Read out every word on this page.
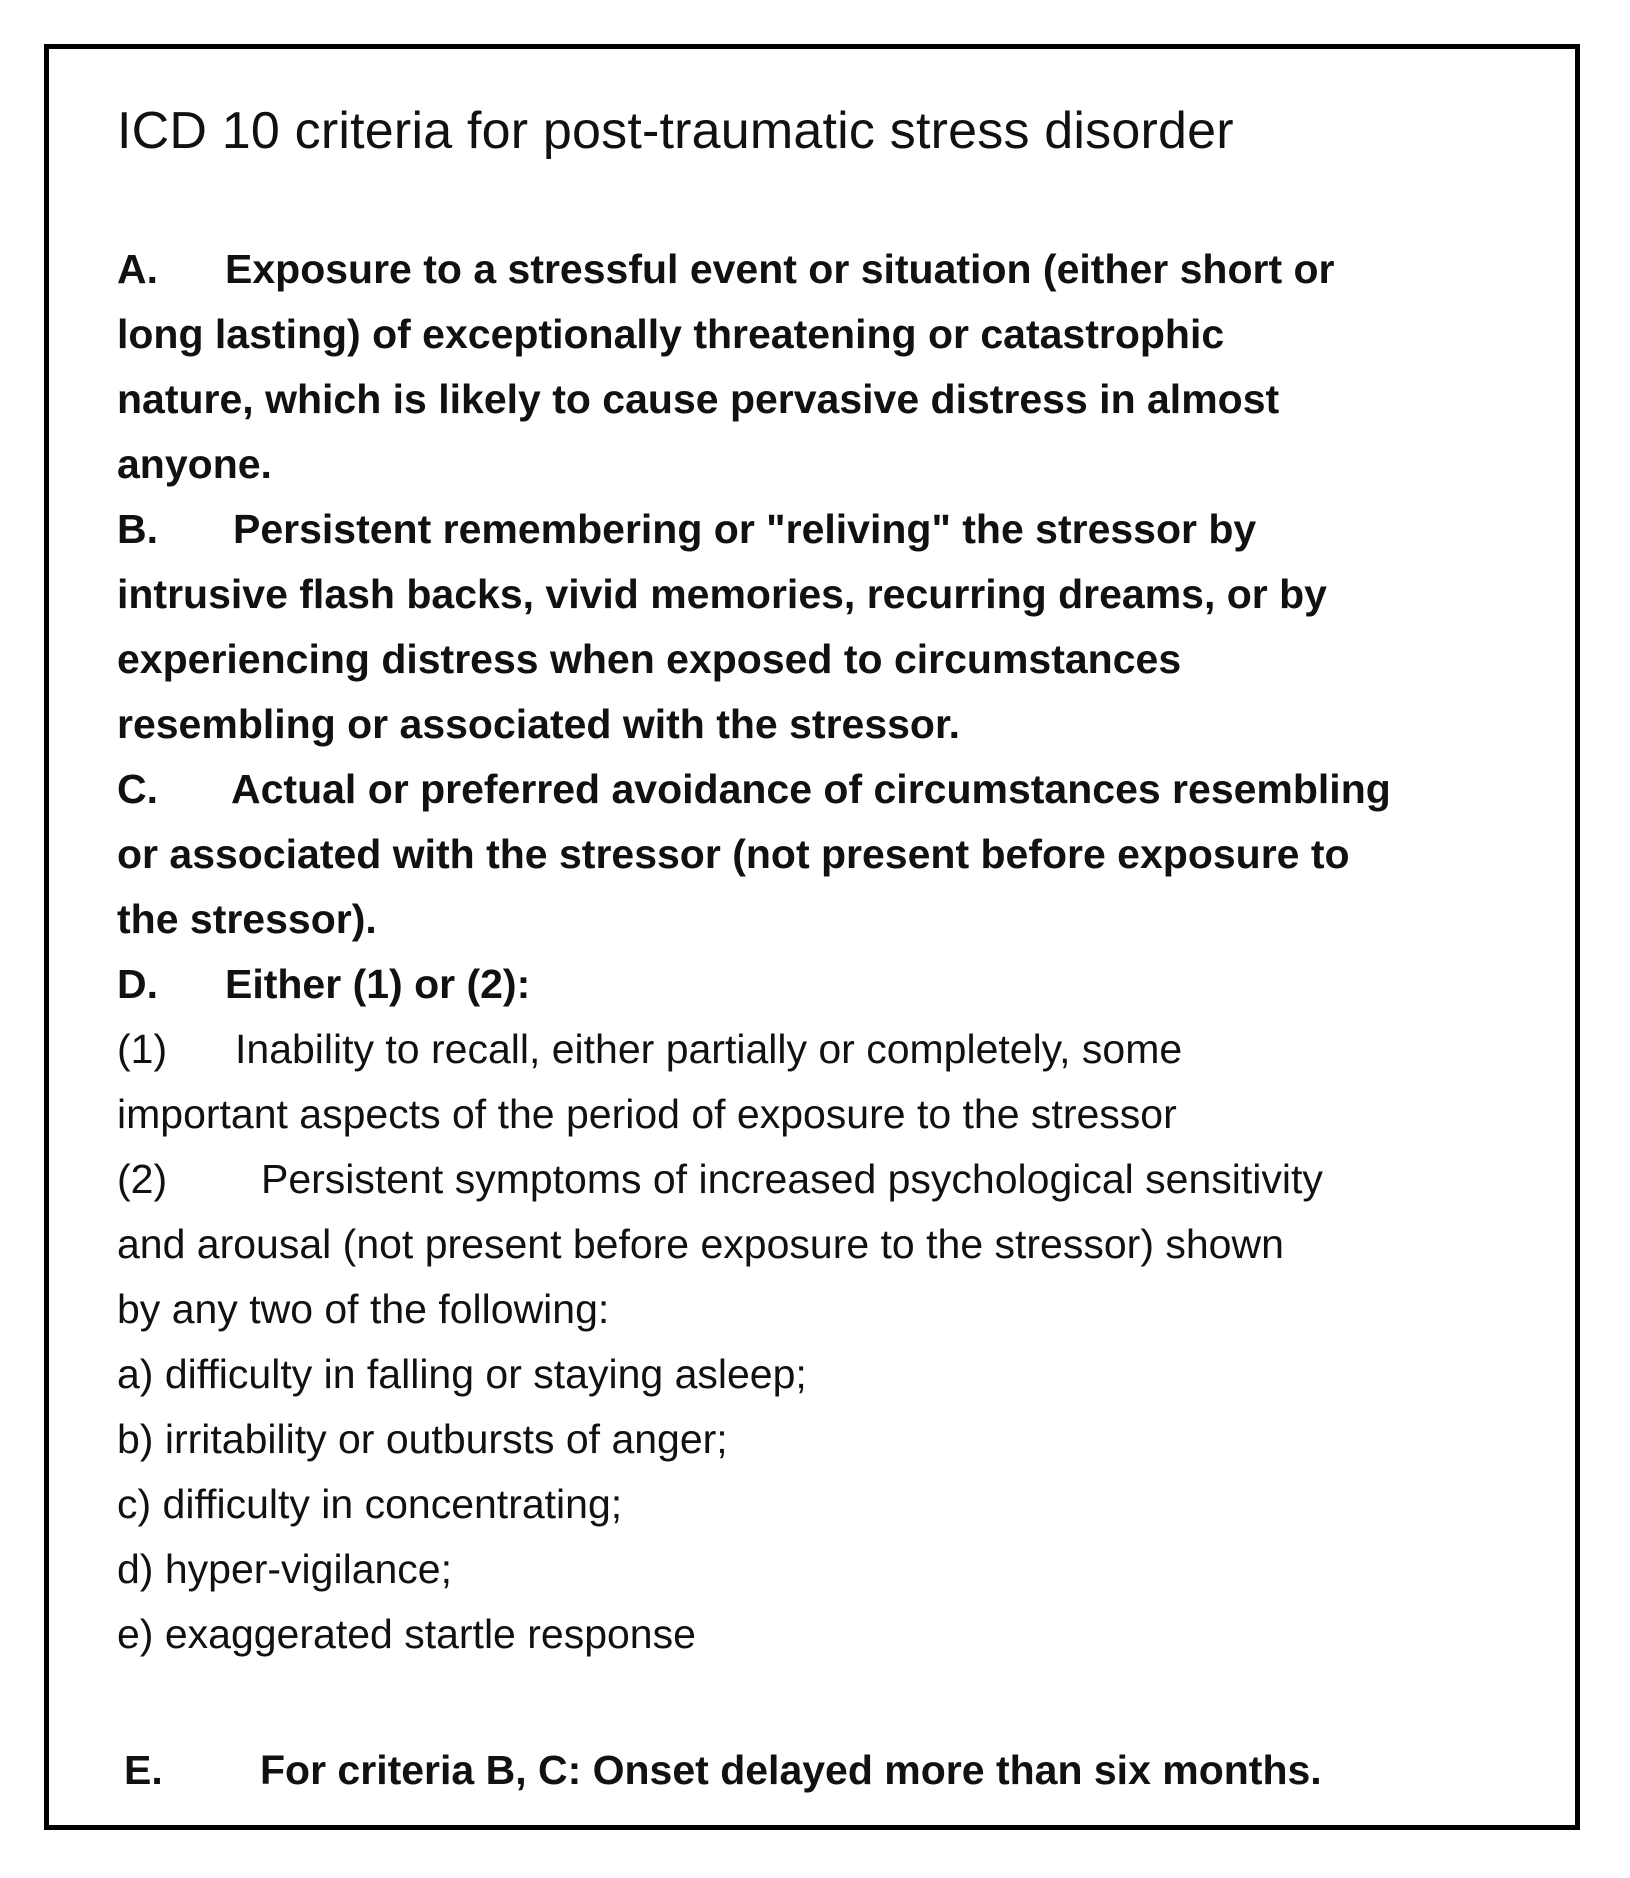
ICD 10 criteria for post-traumatic stress disorder
A. Exposure to a stressful event or situation (either short or
long lasting) of exceptionally threatening or catastrophic
nature, which is likely to cause pervasive distress in almost
anyone.
B. Persistent remembering or "reliving" the stressor by
intrusive flash backs, vivid memories, recurring dreams, or by
experiencing distress when exposed to circumstances
resembling or associated with the stressor.
C. Actual or preferred avoidance of circumstances resembling
or associated with the stressor (not present before exposure to
the stressor).
D. Either (1) or (2):
(1) Inability to recall, either partially or completely, some
important aspects of the period of exposure to the stressor
(2) Persistent symptoms of increased psychological sensitivity
and arousal (not present before exposure to the stressor) shown
by any two of the following:
a) difficulty in falling or staying asleep;
b) irritability or outbursts of anger;
c) difficulty in concentrating;
d) hyper-vigilance;
e) exaggerated startle response
E. For criteria B, C: Onset delayed more than six months.
